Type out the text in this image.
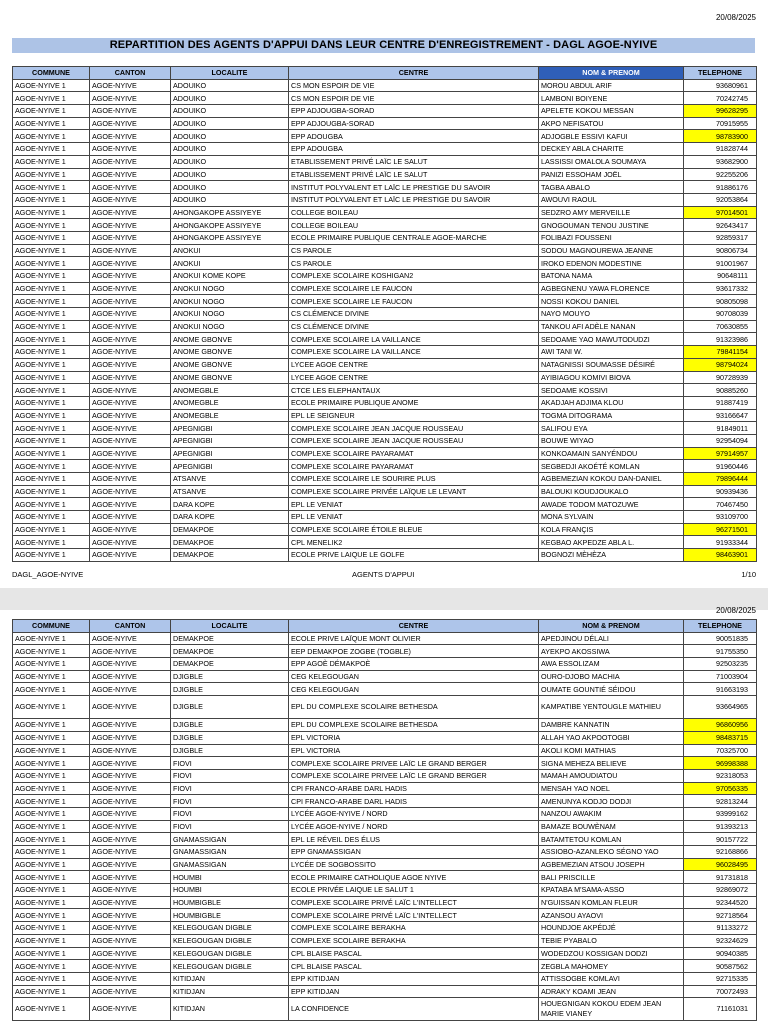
20/08/2025
REPARTITION DES AGENTS D'APPUI DANS LEUR CENTRE D'ENREGISTREMENT - DAGL AGOE-NYIVE
COMMUNE	CANTON	LOCALITE	CENTRE	NOM & PRENOM	TELEPHONE
AGOE-NYIVE 1	AGOE-NYIVE	ADOUIKO	CS MON ESPOIR DE VIE	MOROU ABDUL ARIF	93680961
AGOE-NYIVE 1	AGOE-NYIVE	ADOUIKO	CS MON ESPOIR DE VIE	LAMBONI BOIYENE	70242745
AGOE-NYIVE 1	AGOE-NYIVE	ADOUIKO	EPP ADJOUGBA-SORAD	APELETE KOKOU MESSAN	99628295
AGOE-NYIVE 1	AGOE-NYIVE	ADOUIKO	EPP ADJOUGBA-SORAD	AKPO NEFISATOU	70915955
AGOE-NYIVE 1	AGOE-NYIVE	ADOUIKO	EPP ADOUGBA	ADJOGBLE ESSIVI KAFUI	98783900
AGOE-NYIVE 1	AGOE-NYIVE	ADOUIKO	EPP ADOUGBA	DECKEY ABLA CHARITE	91828744
AGOE-NYIVE 1	AGOE-NYIVE	ADOUIKO	ETABLISSEMENT PRIVÉ LAÏC LE SALUT	LASSISSI OMALOLA SOUMAYA	93682900
AGOE-NYIVE 1	AGOE-NYIVE	ADOUIKO	ETABLISSEMENT PRIVÉ LAÏC LE SALUT	PANIZI ESSOHAM JOËL	92255206
AGOE-NYIVE 1	AGOE-NYIVE	ADOUIKO	INSTITUT POLYVALENT ET LAÏC LE PRESTIGE DU SAVOIR	TAGBA ABALO	91886176
AGOE-NYIVE 1	AGOE-NYIVE	ADOUIKO	INSTITUT POLYVALENT ET LAÏC LE PRESTIGE DU SAVOIR	AWOUVI RAOUL	92053864
AGOE-NYIVE 1	AGOE-NYIVE	AHONGAKOPE ASSIYEYE	COLLEGE BOILEAU	SEDZRO AMY MERVEILLE	97014501
AGOE-NYIVE 1	AGOE-NYIVE	AHONGAKOPE ASSIYEYE	COLLEGE BOILEAU	GNOGOUMAN TENOU JUSTINE	92643417
AGOE-NYIVE 1	AGOE-NYIVE	AHONGAKOPE ASSIYEYE	ECOLE PRIMAIRE PUBLIQUE CENTRALE AGOE-MARCHE	FOLIBAZI FOUSSENI	92859317
AGOE-NYIVE 1	AGOE-NYIVE	ANOKUI	CS PAROLE	SODOU MAGNOUREWA JEANNE	90806734
AGOE-NYIVE 1	AGOE-NYIVE	ANOKUI	CS PAROLE	IROKO EDENON MODESTINE	91001967
AGOE-NYIVE 1	AGOE-NYIVE	ANOKUI KOME KOPE	COMPLEXE SCOLAIRE KOSHIGAN2	BATONA NAMA	90648111
AGOE-NYIVE 1	AGOE-NYIVE	ANOKUI NOGO	COMPLEXE SCOLAIRE LE FAUCON	AGBEGNENU YAWA FLORENCE	93617332
AGOE-NYIVE 1	AGOE-NYIVE	ANOKUI NOGO	COMPLEXE SCOLAIRE LE FAUCON	NOSSI KOKOU DANIEL	90805098
AGOE-NYIVE 1	AGOE-NYIVE	ANOKUI NOGO	CS CLÉMENCE DIVINE	NAYO MOUYO	90708039
AGOE-NYIVE 1	AGOE-NYIVE	ANOKUI NOGO	CS CLÉMENCE DIVINE	TANKOU AFI ADÈLE NANAN	70630855
AGOE-NYIVE 1	AGOE-NYIVE	ANOME GBONVE	COMPLEXE SCOLAIRE LA VAILLANCE	SEDOAME YAO MAWUTODUDZI	91323986
AGOE-NYIVE 1	AGOE-NYIVE	ANOME GBONVE	COMPLEXE SCOLAIRE LA VAILLANCE	AWI TANI W.	79841154
AGOE-NYIVE 1	AGOE-NYIVE	ANOME GBONVE	LYCEE AGOE CENTRE	NATAGNISSI SOUMASSE DÉSIRÉ	98794024
AGOE-NYIVE 1	AGOE-NYIVE	ANOME GBONVE	LYCEE AGOE CENTRE	AYIBIAGOU KOMIVI BIOVA	90728939
AGOE-NYIVE 1	AGOE-NYIVE	ANOMEGBLE	CTCE LES ELEPHANTAUX	SEDOAME KOSSIVI	90885260
AGOE-NYIVE 1	AGOE-NYIVE	ANOMEGBLE	ECOLE PRIMAIRE PUBLIQUE ANOME	AKADJAH ADJIMA KLOU	91887419
AGOE-NYIVE 1	AGOE-NYIVE	ANOMEGBLE	EPL LE SEIGNEUR	TOGMA DITOGRAMA	93166647
AGOE-NYIVE 1	AGOE-NYIVE	APEGNIGBI	COMPLEXE SCOLAIRE JEAN JACQUE ROUSSEAU	SALIFOU EYA	91849011
AGOE-NYIVE 1	AGOE-NYIVE	APEGNIGBI	COMPLEXE SCOLAIRE JEAN JACQUE ROUSSEAU	BOUWE WIYAO	92954094
AGOE-NYIVE 1	AGOE-NYIVE	APEGNIGBI	COMPLEXE SCOLAIRE PAYARAMAT	KONKOAMAIN SANYÉNDOU	97914957
AGOE-NYIVE 1	AGOE-NYIVE	APEGNIGBI	COMPLEXE SCOLAIRE PAYARAMAT	SEGBEDJI AKOÉTÉ KOMLAN	91960446
AGOE-NYIVE 1	AGOE-NYIVE	ATSANVE	COMPLEXE SCOLAIRE LE SOURIRE PLUS	AGBEMEZIAN KOKOU DAN-DANIEL	79896444
AGOE-NYIVE 1	AGOE-NYIVE	ATSANVE	COMPLEXE SCOLAIRE PRIVÉE LAÏQUE LE LEVANT	BALOUKI KOUDJOUKALO	90939436
AGOE-NYIVE 1	AGOE-NYIVE	DARA KOPE	EPL LE VENIAT	AWADE TODOM MATOZUWE	70467450
AGOE-NYIVE 1	AGOE-NYIVE	DARA KOPE	EPL LE VENIAT	MONA SYLVAIN	93109700
AGOE-NYIVE 1	AGOE-NYIVE	DEMAKPOE	COMPLEXE SCOLAIRE ÉTOILE BLEUE	KOLA FRANÇIS	96271501
AGOE-NYIVE 1	AGOE-NYIVE	DEMAKPOE	CPL MENELIK2	KEGBAO AKPEDZE ABLA L.	91933344
AGOE-NYIVE 1	AGOE-NYIVE	DEMAKPOE	ECOLE PRIVE LAIQUE LE GOLFE	BOGNOZI MÈHÈZA	98463901
DAGL_AGOE-NYIVE	AGENTS D'APPUI	1/10
20/08/2025
COMMUNE	CANTON	LOCALITE	CENTRE	NOM & PRENOM	TELEPHONE
AGOE-NYIVE 1	AGOE-NYIVE	DEMAKPOE	ECOLE PRIVE LAÏQUE MONT OLIVIER	APEDJINOU DÉLALI	90051835
AGOE-NYIVE 1	AGOE-NYIVE	DEMAKPOE	EEP DEMAKPOE ZOGBE (TOGBLE)	AYEKPO AKOSSIWA	91755350
AGOE-NYIVE 1	AGOE-NYIVE	DEMAKPOE	EPP AGOÈ DÉMAKPOÈ	AWA ESSOLIZAM	92503235
AGOE-NYIVE 1	AGOE-NYIVE	DJIGBLE	CEG KELEGOUGAN	OURO-DJOBO MACHIA	71003904
AGOE-NYIVE 1	AGOE-NYIVE	DJIGBLE	CEG KELEGOUGAN	OUMATE GOUNTIÉ SÉIDOU	91663193
AGOE-NYIVE 1	AGOE-NYIVE	DJIGBLE	EPL DU COMPLEXE SCOLAIRE BETHESDA	KAMPATIBE YENTOUGLE MATHIEU	93664965
AGOE-NYIVE 1	AGOE-NYIVE	DJIGBLE	EPL DU COMPLEXE SCOLAIRE BETHESDA	DAMBRE KANNATIN	96860956
AGOE-NYIVE 1	AGOE-NYIVE	DJIGBLE	EPL VICTORIA	ALLAH YAO AKPOOTOGBI	98483715
AGOE-NYIVE 1	AGOE-NYIVE	DJIGBLE	EPL VICTORIA	AKOLI KOMI MATHIAS	70325700
AGOE-NYIVE 1	AGOE-NYIVE	FIOVI	COMPLEXE SCOLAIRE PRIVEE LAÏC LE GRAND BERGER	SIGNA MEHEZA BELIEVE	96998388
AGOE-NYIVE 1	AGOE-NYIVE	FIOVI	COMPLEXE SCOLAIRE PRIVEE LAÏC LE GRAND BERGER	MAMAH AMOUDIATOU	92318053
AGOE-NYIVE 1	AGOE-NYIVE	FIOVI	CPI FRANCO-ARABE DARL HADIS	MENSAH YAO NOEL	97056335
AGOE-NYIVE 1	AGOE-NYIVE	FIOVI	CPI FRANCO-ARABE DARL HADIS	AMENUNYA KODJO DODJI	92813244
AGOE-NYIVE 1	AGOE-NYIVE	FIOVI	LYCÉE AGOE-NYIVE / NORD	NANZOU AWAKIM	93999162
AGOE-NYIVE 1	AGOE-NYIVE	FIOVI	LYCÉE AGOE-NYIVE / NORD	BAMAZE BOUWÈNAM	91393213
AGOE-NYIVE 1	AGOE-NYIVE	GNAMASSIGAN	EPL LE RÉVEIL DES ÉLUS	BATAMTETOU KOMLAN	90157722
AGOE-NYIVE 1	AGOE-NYIVE	GNAMASSIGAN	EPP GNAMASSIGAN	ASSIOBO-AZANLEKO SÉGNO YAO	92168866
AGOE-NYIVE 1	AGOE-NYIVE	GNAMASSIGAN	LYCÉE DE SOGBOSSITO	AGBEMEZIAN ATSOU JOSEPH	96028495
AGOE-NYIVE 1	AGOE-NYIVE	HOUMBI	ECOLE PRIMAIRE CATHOLIQUE AGOE NYIVE	BALI PRISCILLE	91731818
AGOE-NYIVE 1	AGOE-NYIVE	HOUMBI	ECOLE PRIVÉE LAIQUE LE SALUT 1	KPATABA M'SAMA-ASSO	92869072
AGOE-NYIVE 1	AGOE-NYIVE	HOUMBIGBLE	COMPLEXE SCOLAIRE PRIVÉ LAÏC L'INTELLECT	N'GUISSAN KOMLAN FLEUR	92344520
AGOE-NYIVE 1	AGOE-NYIVE	HOUMBIGBLE	COMPLEXE SCOLAIRE PRIVÉ LAÏC L'INTELLECT	AZANSOU AYAOVI	92718564
AGOE-NYIVE 1	AGOE-NYIVE	KELEGOUGAN DIGBLE	COMPLEXE SCOLAIRE BERAKHA	HOUNDJOE AKPÉDJÉ	91133272
AGOE-NYIVE 1	AGOE-NYIVE	KELEGOUGAN DIGBLE	COMPLEXE SCOLAIRE BERAKHA	TEBIE PYABALO	92324629
AGOE-NYIVE 1	AGOE-NYIVE	KELEGOUGAN DIGBLE	CPL BLAISE PASCAL	WODEDZOU KOSSIGAN DODZI	90940385
AGOE-NYIVE 1	AGOE-NYIVE	KELEGOUGAN DIGBLE	CPL BLAISE PASCAL	ZEGBLA MAHOMEY	90587562
AGOE-NYIVE 1	AGOE-NYIVE	KITIDJAN	EPP KITIDJAN	ATTISSOGBE KOMLAVI	92715335
AGOE-NYIVE 1	AGOE-NYIVE	KITIDJAN	EPP KITIDJAN	ADRAKY KOAMI JEAN	70072493
AGOE-NYIVE 1	AGOE-NYIVE	KITIDJAN	LA CONFIDENCE	HOUEGNIGAN KOKOU EDEM JEAN MARIE VIANEY	71161031
